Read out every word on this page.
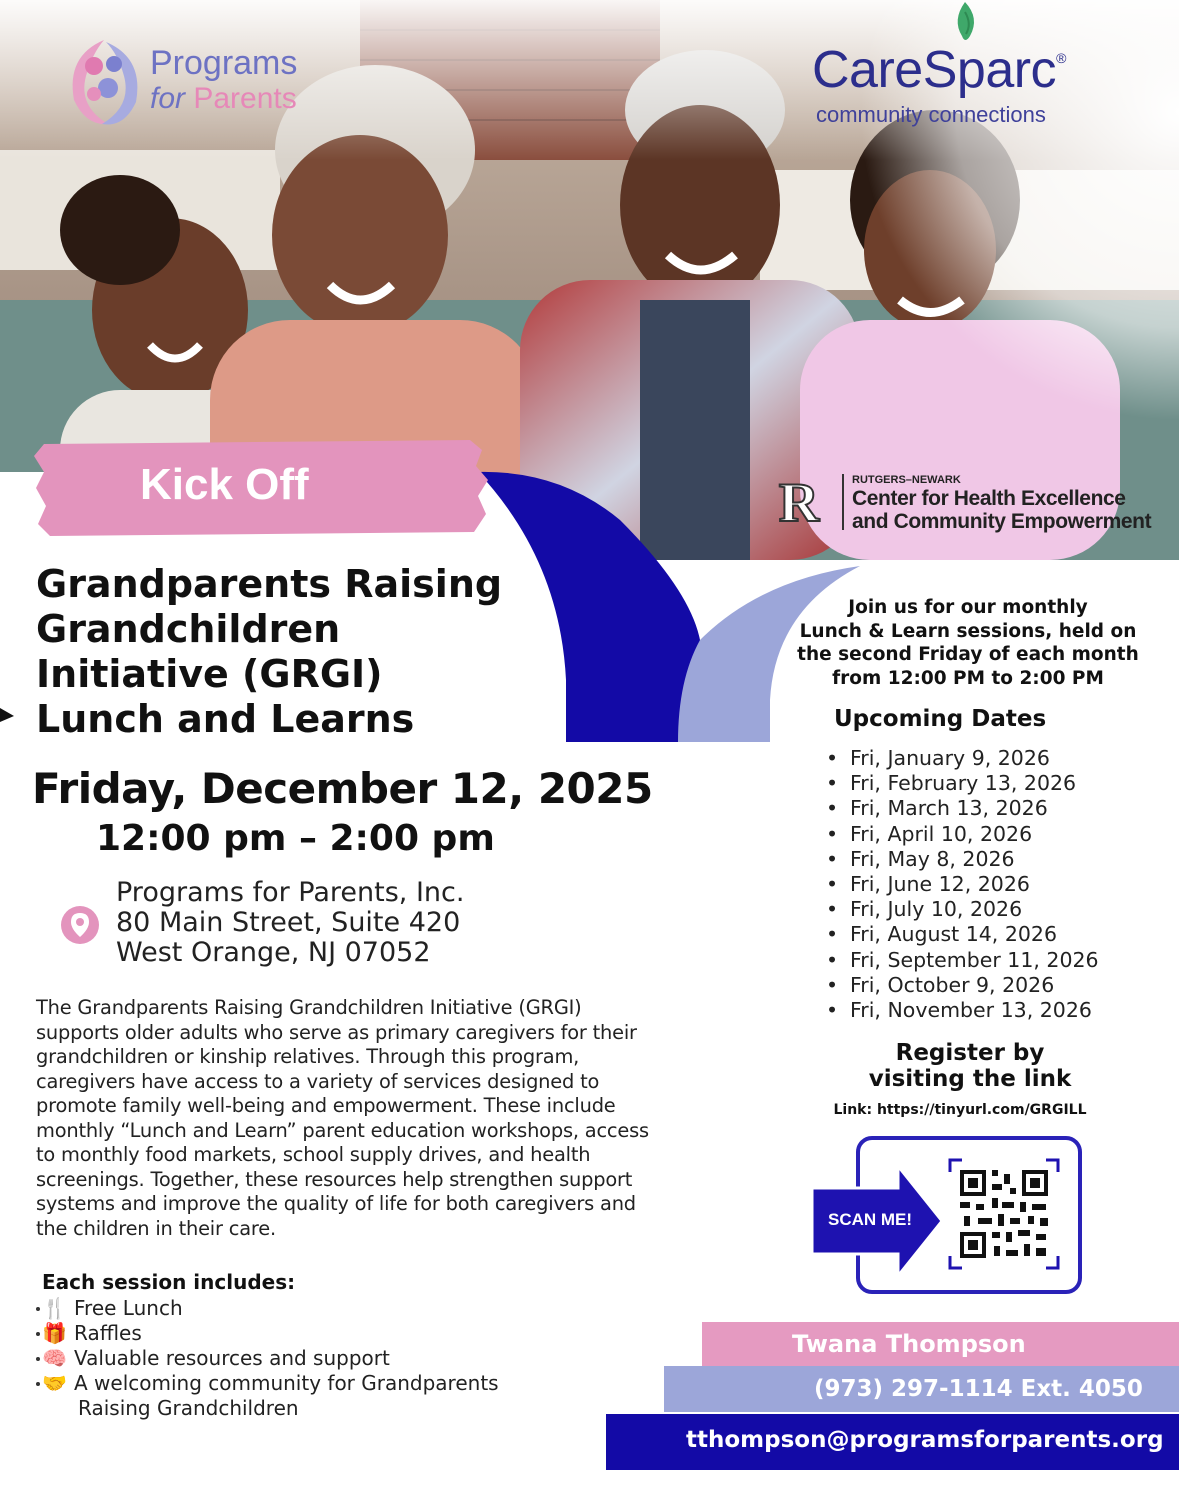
Programs
for Parents	CareSparc®
community connections
R	RUTGERS–NEWARK
Center for Health Excellence
and Community Empowerment
Kick Off
Grandparents Raising
Grandchildren
Initiative (GRGI)
Lunch and Learns
Friday, December 12, 2025
12:00 pm – 2:00 pm
Programs for Parents, Inc.
80 Main Street, Suite 420
West Orange, NJ 07052
The Grandparents Raising Grandchildren Initiative (GRGI) supports older adults who serve as primary caregivers for their grandchildren or kinship relatives. Through this program, caregivers have access to a variety of services designed to promote family well-being and empowerment. These include monthly “Lunch and Learn” parent education workshops, access to monthly food markets, school supply drives, and health screenings. Together, these resources help strengthen support systems and improve the quality of life for both caregivers and the children in their care.
Each session includes:
🍴 Free Lunch
🎁 Raffles
🧠 Valuable resources and support
🤝 A welcoming community for Grandparents
Raising Grandchildren
Join us for our monthly
Lunch & Learn sessions, held on
the second Friday of each month
from 12:00 PM to 2:00 PM
Upcoming Dates
• Fri, January 9, 2026
• Fri, February 13, 2026
• Fri, March 13, 2026
• Fri, April 10, 2026
• Fri, May 8, 2026
• Fri, June 12, 2026
• Fri, July 10, 2026
• Fri, August 14, 2026
• Fri, September 11, 2026
• Fri, October 9, 2026
• Fri, November 13, 2026
Register by
visiting the link
Link: https://tinyurl.com/GRGILL
SCAN ME!
Twana Thompson
(973) 297-1114 Ext. 4050
tthompson@programsforparents.org
